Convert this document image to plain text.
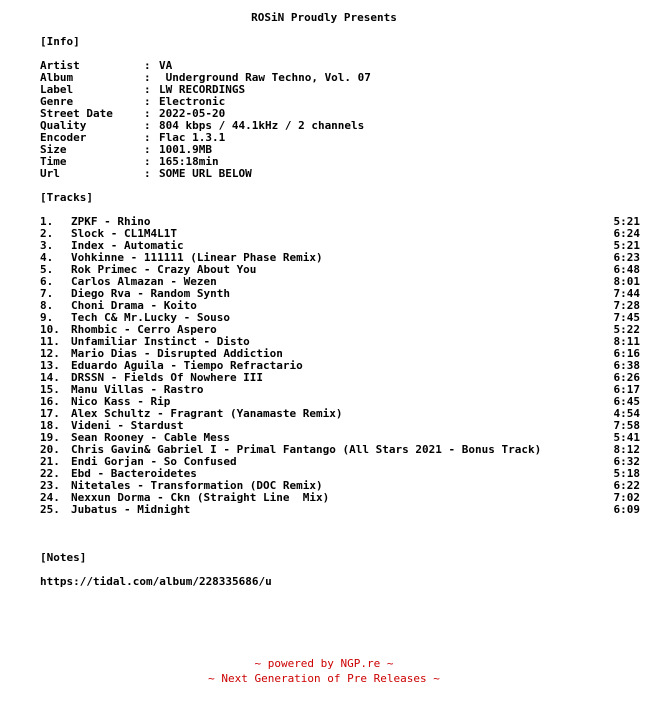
ROSiN Proudly Presents
[Info]
Artist	: VA
Album	: Underground Raw Techno, Vol. 07
Label	: LW RECORDINGS
Genre	: Electronic
Street Date	: 2022-05-20
Quality	: 804 kbps / 44.1kHz / 2 channels
Encoder	: Flac 1.3.1
Size	: 1001.9MB
Time	: 165:18min
Url	: SOME URL BELOW
[Tracks]
1. ZPKF - Rhino	5:21
2. Slock - CL1M4L1T	6:24
3. Index - Automatic	5:21
4. Vohkinne - 111111 (Linear Phase Remix)	6:23
5. Rok Primec - Crazy About You	6:48
6. Carlos Almazan - Wezen	8:01
7. Diego Rva - Random Synth	7:44
8. Choni Drama - Koito	7:28
9. Tech C& Mr.Lucky - Souso	7:45
10. Rhombic - Cerro Aspero	5:22
11. Unfamiliar Instinct - Disto	8:11
12. Mario Dias - Disrupted Addiction	6:16
13. Eduardo Aguila - Tiempo Refractario	6:38
14. DRSSN - Fields Of Nowhere III	6:26
15. Manu Villas - Rastro	6:17
16. Nico Kass - Rip	6:45
17. Alex Schultz - Fragrant (Yanamaste Remix)	4:54
18. Videni - Stardust	7:58
19. Sean Rooney - Cable Mess	5:41
20. Chris Gavin& Gabriel I - Primal Fantango (All Stars 2021 - Bonus Track)	8:12
21. Endi Gorjan - So Confused	6:32
22. Ebd - Bacteroidetes	5:18
23. Nitetales - Transformation (DOC Remix)	6:22
24. Nexxun Dorma - Ckn (Straight Line  Mix)	7:02
25. Jubatus - Midnight	6:09
[Notes]
https://tidal.com/album/228335686/u
~ powered by NGP.re ~
~ Next Generation of Pre Releases ~
